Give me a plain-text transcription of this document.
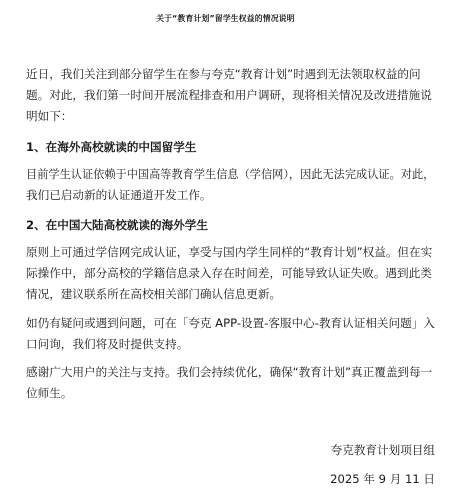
关于“教育计划”留学生权益的情况说明
近日，我们关注到部分留学生在参与夸克“教育计划”时遇到无法领取权益的问
题。对此，我们第一时间开展流程排查和用户调研，现将相关情况及改进措施说
明如下：
1、在海外高校就读的中国留学生
目前学生认证依赖于中国高等教育学生信息（学信网），因此无法完成认证。对此，
我们已启动新的认证通道开发工作。
2、在中国大陆高校就读的海外学生
原则上可通过学信网完成认证，享受与国内学生同样的“教育计划”权益。但在实
际操作中，部分高校的学籍信息录入存在时间差，可能导致认证失败。遇到此类
情况，建议联系所在高校相关部门确认信息更新。
如仍有疑问或遇到问题，可在「夸克 APP-设置-客服中心-教育认证相关问题」入
口问询，我们将及时提供支持。
感谢广大用户的关注与支持。我们会持续优化，确保“教育计划”真正覆盖到每一
位师生。
夸克教育计划项目组
2025 年 9 月 11 日
